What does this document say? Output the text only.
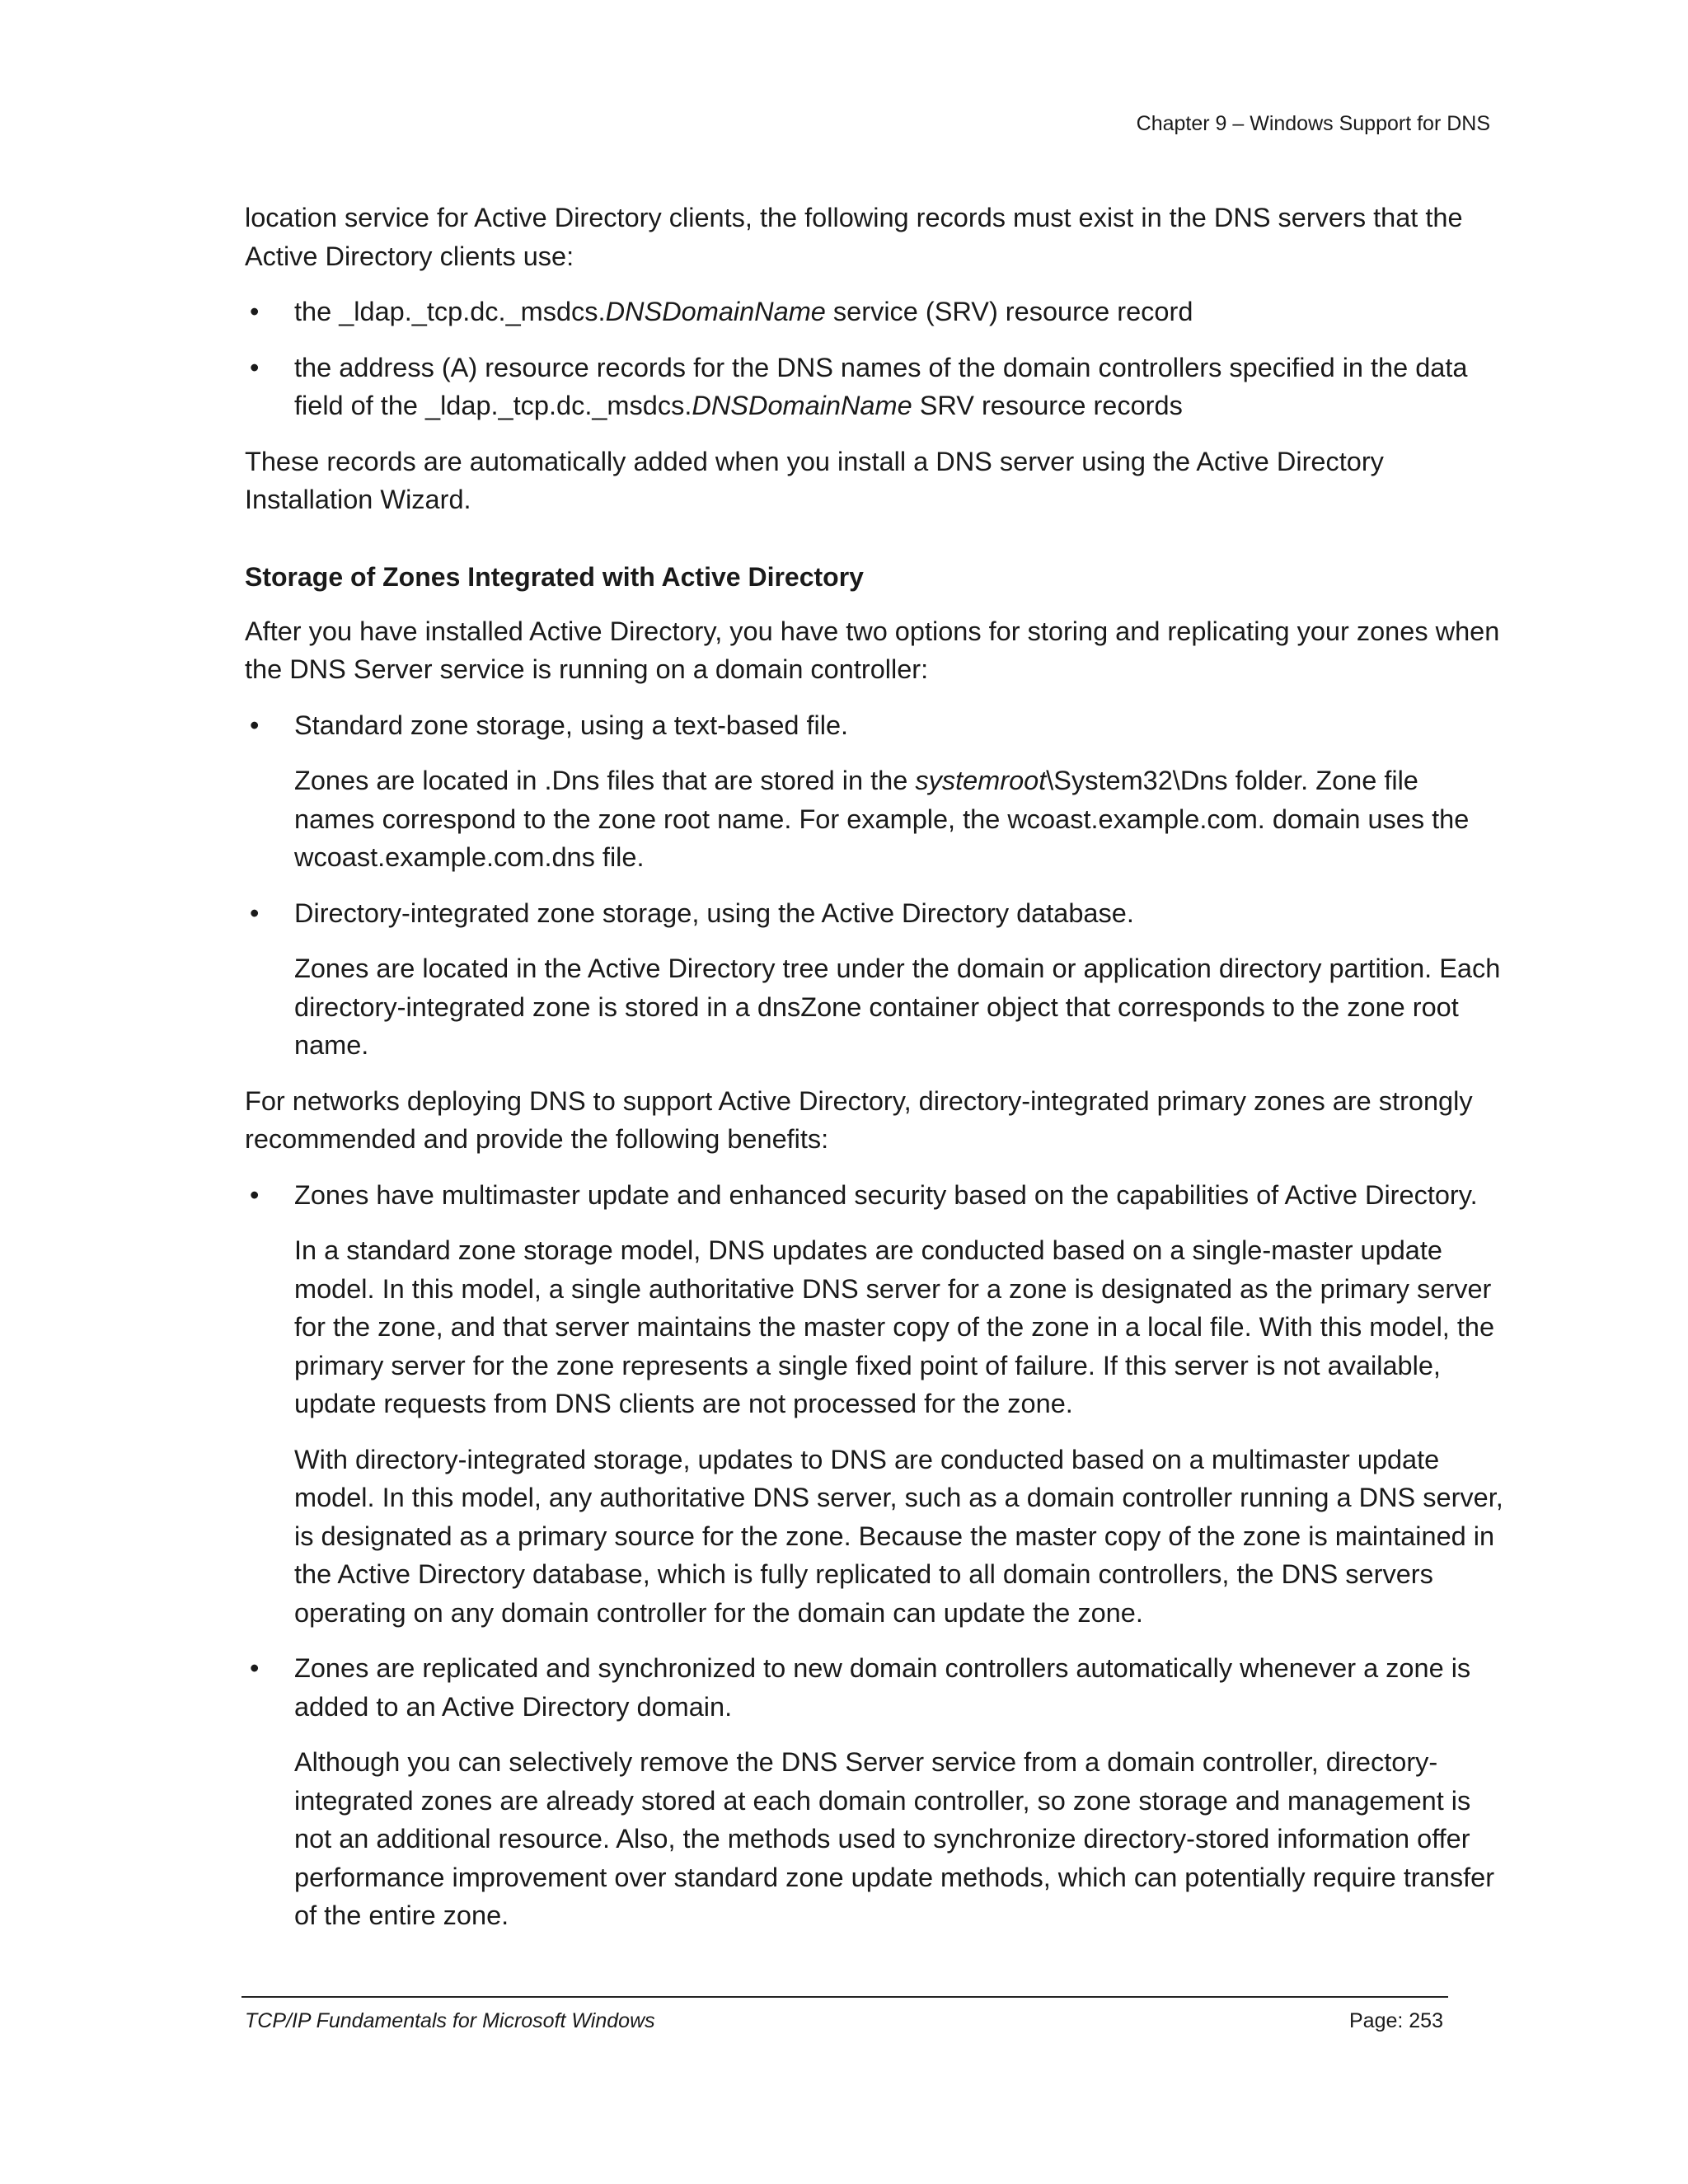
Chapter 9 – Windows Support for DNS

location service for Active Directory clients, the following records must exist in the DNS servers that the Active Directory clients use:

• the _ldap._tcp.dc._msdcs.DNSDomainName service (SRV) resource record
• the address (A) resource records for the DNS names of the domain controllers specified in the data field of the _ldap._tcp.dc._msdcs.DNSDomainName SRV resource records

These records are automatically added when you install a DNS server using the Active Directory Installation Wizard.

Storage of Zones Integrated with Active Directory

After you have installed Active Directory, you have two options for storing and replicating your zones when the DNS Server service is running on a domain controller:

• Standard zone storage, using a text-based file.
Zones are located in .Dns files that are stored in the systemroot\System32\Dns folder. Zone file names correspond to the zone root name. For example, the wcoast.example.com. domain uses the wcoast.example.com.dns file.
• Directory-integrated zone storage, using the Active Directory database.
Zones are located in the Active Directory tree under the domain or application directory partition. Each directory-integrated zone is stored in a dnsZone container object that corresponds to the zone root name.

For networks deploying DNS to support Active Directory, directory-integrated primary zones are strongly recommended and provide the following benefits:

• Zones have multimaster update and enhanced security based on the capabilities of Active Directory.
In a standard zone storage model, DNS updates are conducted based on a single-master update model. In this model, a single authoritative DNS server for a zone is designated as the primary server for the zone, and that server maintains the master copy of the zone in a local file. With this model, the primary server for the zone represents a single fixed point of failure. If this server is not available, update requests from DNS clients are not processed for the zone.
With directory-integrated storage, updates to DNS are conducted based on a multimaster update model. In this model, any authoritative DNS server, such as a domain controller running a DNS server, is designated as a primary source for the zone. Because the master copy of the zone is maintained in the Active Directory database, which is fully replicated to all domain controllers, the DNS servers operating on any domain controller for the domain can update the zone.
• Zones are replicated and synchronized to new domain controllers automatically whenever a zone is added to an Active Directory domain.
Although you can selectively remove the DNS Server service from a domain controller, directory-integrated zones are already stored at each domain controller, so zone storage and management is not an additional resource. Also, the methods used to synchronize directory-stored information offer performance improvement over standard zone update methods, which can potentially require transfer of the entire zone.
TCP/IP Fundamentals for Microsoft Windows	Page: 253
